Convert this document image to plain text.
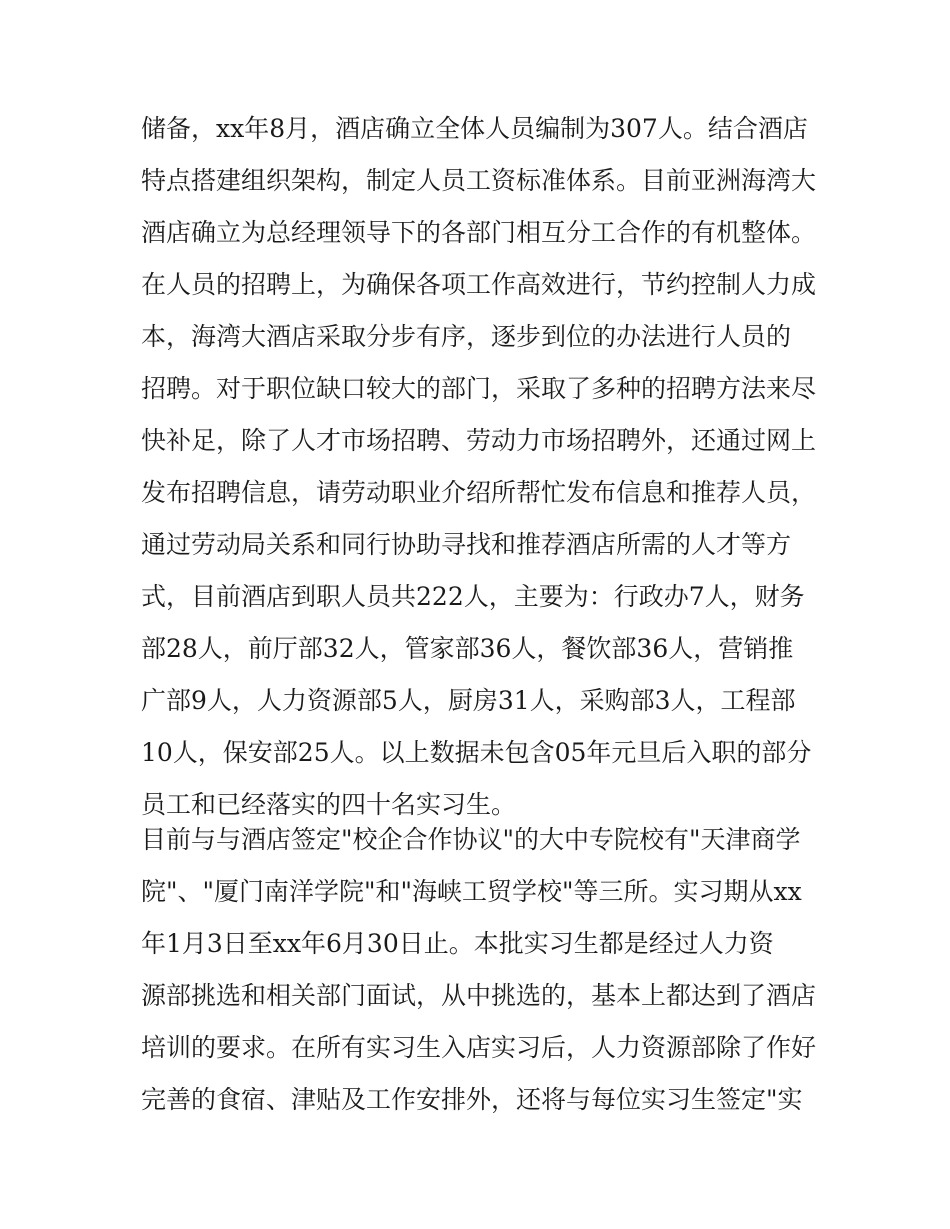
储备，xx年8月，酒店确立全体人员编制为307人。结合酒店
特点搭建组织架构，制定人员工资标准体系。目前亚洲海湾大
酒店确立为总经理领导下的各部门相互分工合作的有机整体。
在人员的招聘上，为确保各项工作高效进行，节约控制人力成
本，海湾大酒店采取分步有序，逐步到位的办法进行人员的
招聘。对于职位缺口较大的部门，采取了多种的招聘方法来尽
快补足，除了人才市场招聘、劳动力市场招聘外，还通过网上
发布招聘信息，请劳动职业介绍所帮忙发布信息和推荐人员，
通过劳动局关系和同行协助寻找和推荐酒店所需的人才等方
式，目前酒店到职人员共222人，主要为：行政办7人，财务
部28人，前厅部32人，管家部36人，餐饮部36人，营销推
广部9人，人力资源部5人，厨房31人，采购部3人，工程部
10人，保安部25人。以上数据未包含05年元旦后入职的部分
员工和已经落实的四十名实习生。
目前与与酒店签定"校企合作协议"的大中专院校有"天津商学
院"、"厦门南洋学院"和"海峡工贸学校"等三所。实习期从xx
年1月3日至xx年6月30日止。本批实习生都是经过人力资
源部挑选和相关部门面试，从中挑选的，基本上都达到了酒店
培训的要求。在所有实习生入店实习后，人力资源部除了作好
完善的食宿、津贴及工作安排外，还将与每位实习生签定"实
